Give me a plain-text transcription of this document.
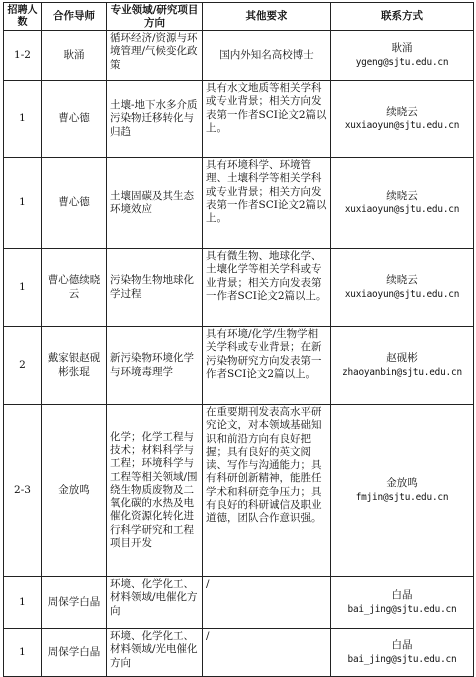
招聘人数	合作导师	专业领域/研究项目方向	其他要求	联系方式
1-2	耿涌	循环经济/资源与环境管理/气候变化政策	国内外知名高校博士	耿涌
ygeng@sjtu.edu.cn

1	曹心德	土壤-地下水多介质污染物迁移转化与归趋	具有水文地质等相关学科或专业背景；相关方向发表第一作者SCI论文2篇以上。	续晓云
xuxiaoyun@sjtu.edu.cn

1	曹心德	土壤固碳及其生态环境效应	具有环境科学、环境管理、土壤科学等相关学科或专业背景；相关方向发表第一作者SCI论文2篇以上。	续晓云
xuxiaoyun@sjtu.edu.cn

1	曹心德续晓云	污染物生物地球化学过程	具有微生物、地球化学、土壤化学等相关学科或专业背景；相关方向发表第一作者SCI论文2篇以上。	续晓云
xuxiaoyun@sjtu.edu.cn

2	戴家银赵砚彬张琨	新污染物环境化学与环境毒理学	具有环境/化学/生物学相关学科或专业背景；在新污染物研究方向发表第一作者SCI论文2篇以上。	赵砚彬
zhaoyanbin@sjtu.edu.cn

2-3	金放鸣	化学；化学工程与技术；材料科学与工程；环境科学与工程等相关领域/围绕生物质废物及二氧化碳的水热及电催化资源化转化进行科学研究和工程项目开发	在重要期刊发表高水平研究论文，对本领域基础知识和前沿方向有良好把握；具有良好的英文阅读、写作与沟通能力；具有科研创新精神，能胜任学术和科研竞争压力；具有良好的科研诚信及职业道德，团队合作意识强。	金放鸣
fmjin@sjtu.edu.cn

1	周保学白晶	环境、化学化工、材料领域/电催化方向	/	白晶
bai_jing@sjtu.edu.cn

1	周保学白晶	环境、化学化工、材料领域/光电催化方向	/	白晶
bai_jing@sjtu.edu.cn
